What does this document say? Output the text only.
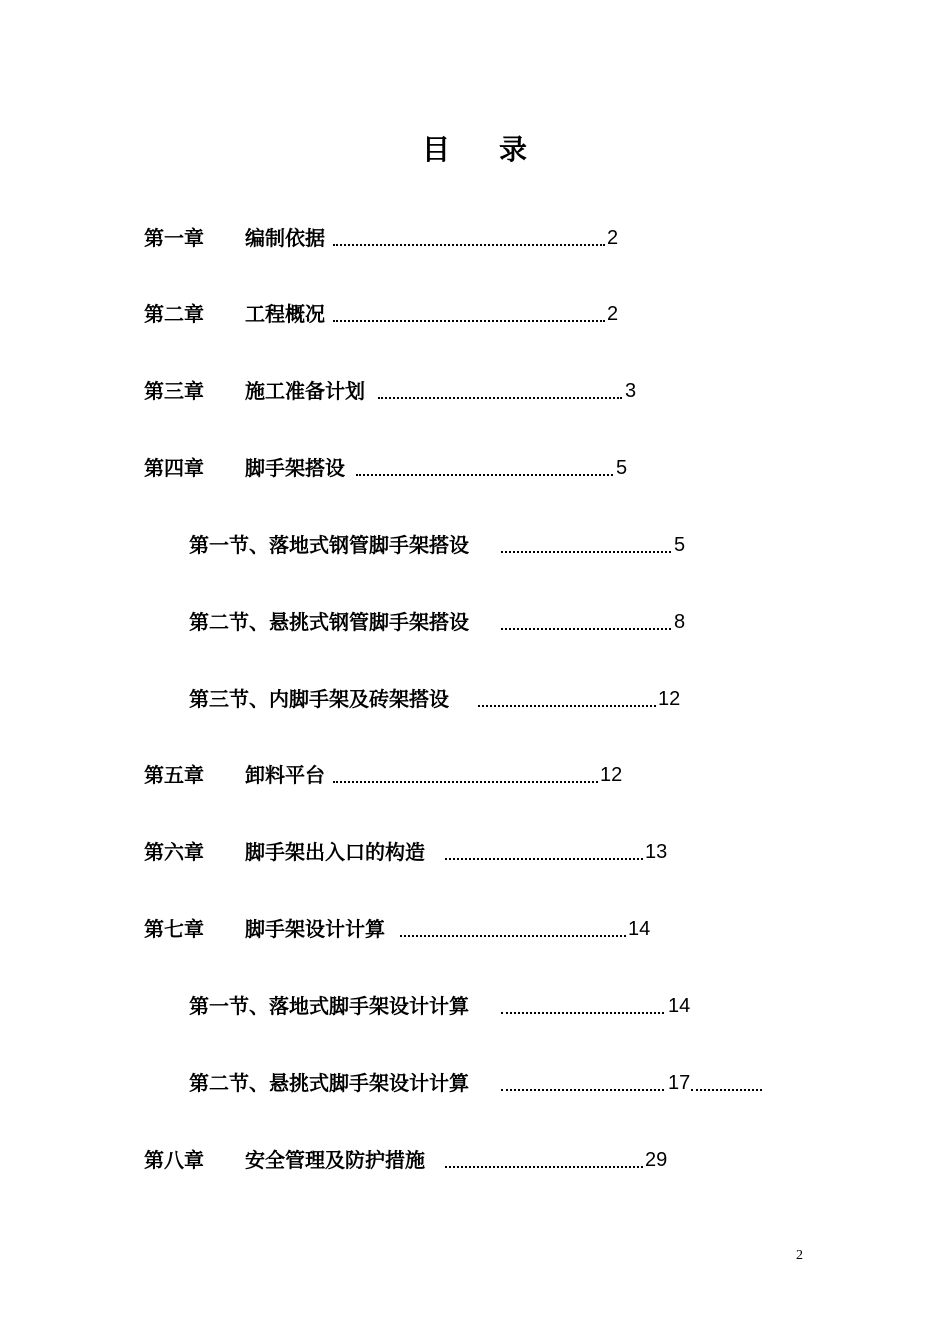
目 录
第一章 编制依据	2
第二章 工程概况	2
第三章 施工准备计划	3
第四章 脚手架搭设	5
第一节、落地式钢管脚手架搭设	5
第二节、悬挑式钢管脚手架搭设	8
第三节、内脚手架及砖架搭设	12
第五章 卸料平台	12
第六章 脚手架出入口的构造	13
第七章 脚手架设计计算	14
第一节、落地式脚手架设计计算	14
第二节、悬挑式脚手架设计计算	17
第八章 安全管理及防护措施	29
2
